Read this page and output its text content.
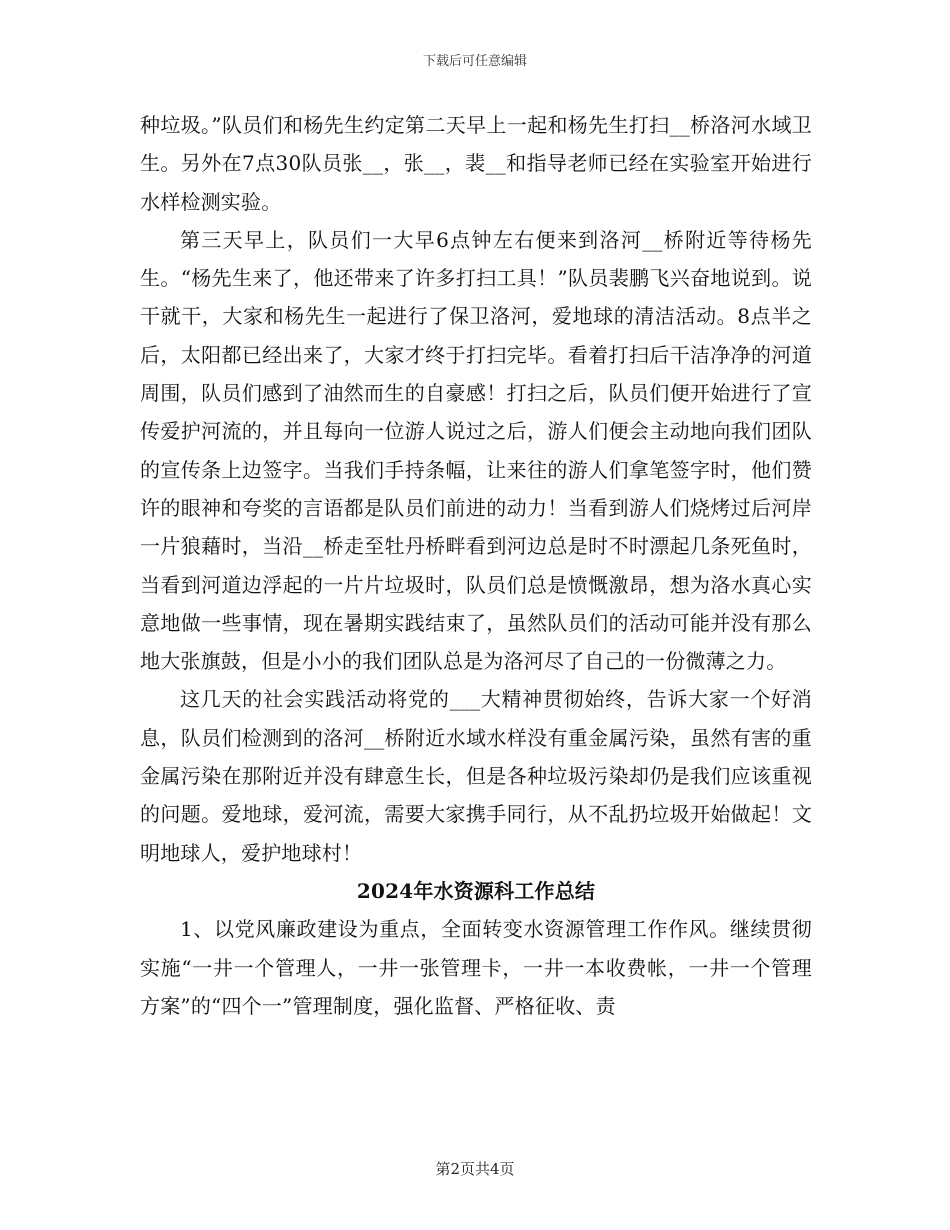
下载后可任意编辑

种垃圾。”队员们和杨先生约定第二天早上一起和杨先生打扫__桥洛河水域卫生。另外在7点30队员张__，张__，裴__和指导老师已经在实验室开始进行水样检测实验。

第三天早上，队员们一大早6点钟左右便来到洛河__桥附近等待杨先生。“杨先生来了，他还带来了许多打扫工具！”队员裴鹏飞兴奋地说到。说干就干，大家和杨先生一起进行了保卫洛河，爱地球的清洁活动。8点半之后，太阳都已经出来了，大家才终于打扫完毕。看着打扫后干洁净净的河道周围，队员们感到了油然而生的自豪感！打扫之后，队员们便开始进行了宣传爱护河流的，并且每向一位游人说过之后，游人们便会主动地向我们团队的宣传条上边签字。当我们手持条幅，让来往的游人们拿笔签字时，他们赞许的眼神和夸奖的言语都是队员们前进的动力！当看到游人们烧烤过后河岸一片狼藉时，当沿__桥走至牡丹桥畔看到河边总是时不时漂起几条死鱼时，当看到河道边浮起的一片片垃圾时，队员们总是愤慨激昂，想为洛水真心实意地做一些事情，现在暑期实践结束了，虽然队员们的活动可能并没有那么地大张旗鼓，但是小小的我们团队总是为洛河尽了自己的一份微薄之力。

这几天的社会实践活动将党的___大精神贯彻始终，告诉大家一个好消息，队员们检测到的洛河__桥附近水域水样没有重金属污染，虽然有害的重金属污染在那附近并没有肆意生长，但是各种垃圾污染却仍是我们应该重视的问题。爱地球，爱河流，需要大家携手同行，从不乱扔垃圾开始做起！文明地球人，爱护地球村！

2024年水资源科工作总结

1、以党风廉政建设为重点，全面转变水资源管理工作作风。继续贯彻实施“一井一个管理人，一井一张管理卡，一井一本收费帐，一井一个管理方案”的“四个一”管理制度，强化监督、严格征收、责

第2页共4页
